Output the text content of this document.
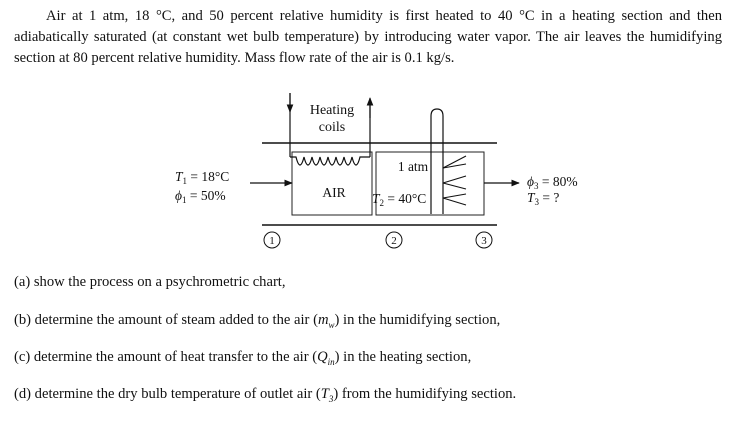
Air at 1 atm, 18 °C, and 50 percent relative humidity is first heated to 40 °C in a heating section and then adiabatically saturated (at constant wet bulb temperature) by introducing water vapor. The air leaves the humidifying section at 80 percent relative humidity. Mass flow rate of the air is 0.1 kg/s.
Heating
coils
1 atm
AIR
$T_1 = 18^\circ C$
$\phi_1 = 50\%$	$T_2 = 40^\circ C$
$\phi_3 = 80\%$
$T_3$ = ?
1	2	3
(a) show the process on a psychrometric chart,
(b) determine the amount of steam added to the air $(m_w)$ in the humidifying section,
(c) determine the amount of heat transfer to the air $(Q_{in})$ in the heating section,
(d) determine the dry bulb temperature of outlet air $(T_3)$ from the humidifying section.
